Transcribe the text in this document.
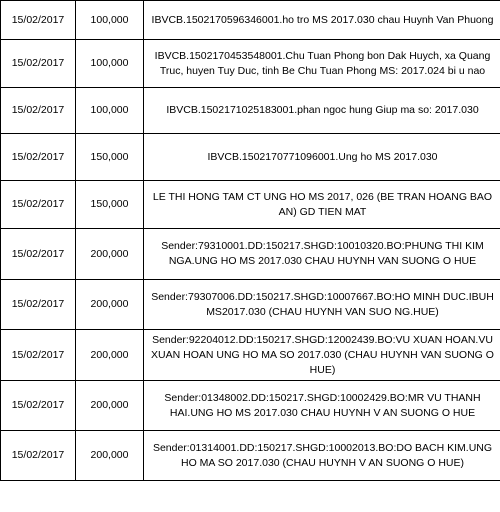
15/02/2017	100,000	IBVCB.1502170596346001.ho tro MS 2017.030 chau Huynh Van Phuong
15/02/2017	100,000	IBVCB.1502170453548001.Chu Tuan Phong bon Dak Huych, xa Quang Truc, huyen Tuy Duc, tinh Be Chu Tuan Phong MS: 2017.024 bi u nao
15/02/2017	100,000	IBVCB.1502171025183001.phan ngoc hung Giup ma so: 2017.030
15/02/2017	150,000	IBVCB.1502170771096001.Ung ho MS 2017.030
15/02/2017	150,000	LE THI HONG TAM CT UNG HO MS 2017, 026 (BE TRAN HOANG BAO AN) GD TIEN MAT
15/02/2017	200,000	Sender:79310001.DD:150217.SHGD:10010320.BO:PHUNG THI KIM NGA.UNG HO MS 2017.030 CHAU HUYNH VAN SUONG O HUE
15/02/2017	200,000	Sender:79307006.DD:150217.SHGD:10007667.BO:HO MINH DUC.IBUH MS2017.030 (CHAU HUYNH VAN SUO NG.HUE)
15/02/2017	200,000	Sender:92204012.DD:150217.SHGD:12002439.BO:VU XUAN HOAN.VU XUAN HOAN UNG HO MA SO 2017.030 (CHAU HUYNH VAN SUONG O HUE)
15/02/2017	200,000	Sender:01348002.DD:150217.SHGD:10002429.BO:MR VU THANH HAI.UNG HO MS 2017.030 CHAU HUYNH V AN SUONG O HUE
15/02/2017	200,000	Sender:01314001.DD:150217.SHGD:10002013.BO:DO BACH KIM.UNG HO MA SO 2017.030 (CHAU HUYNH V AN SUONG O HUE)
